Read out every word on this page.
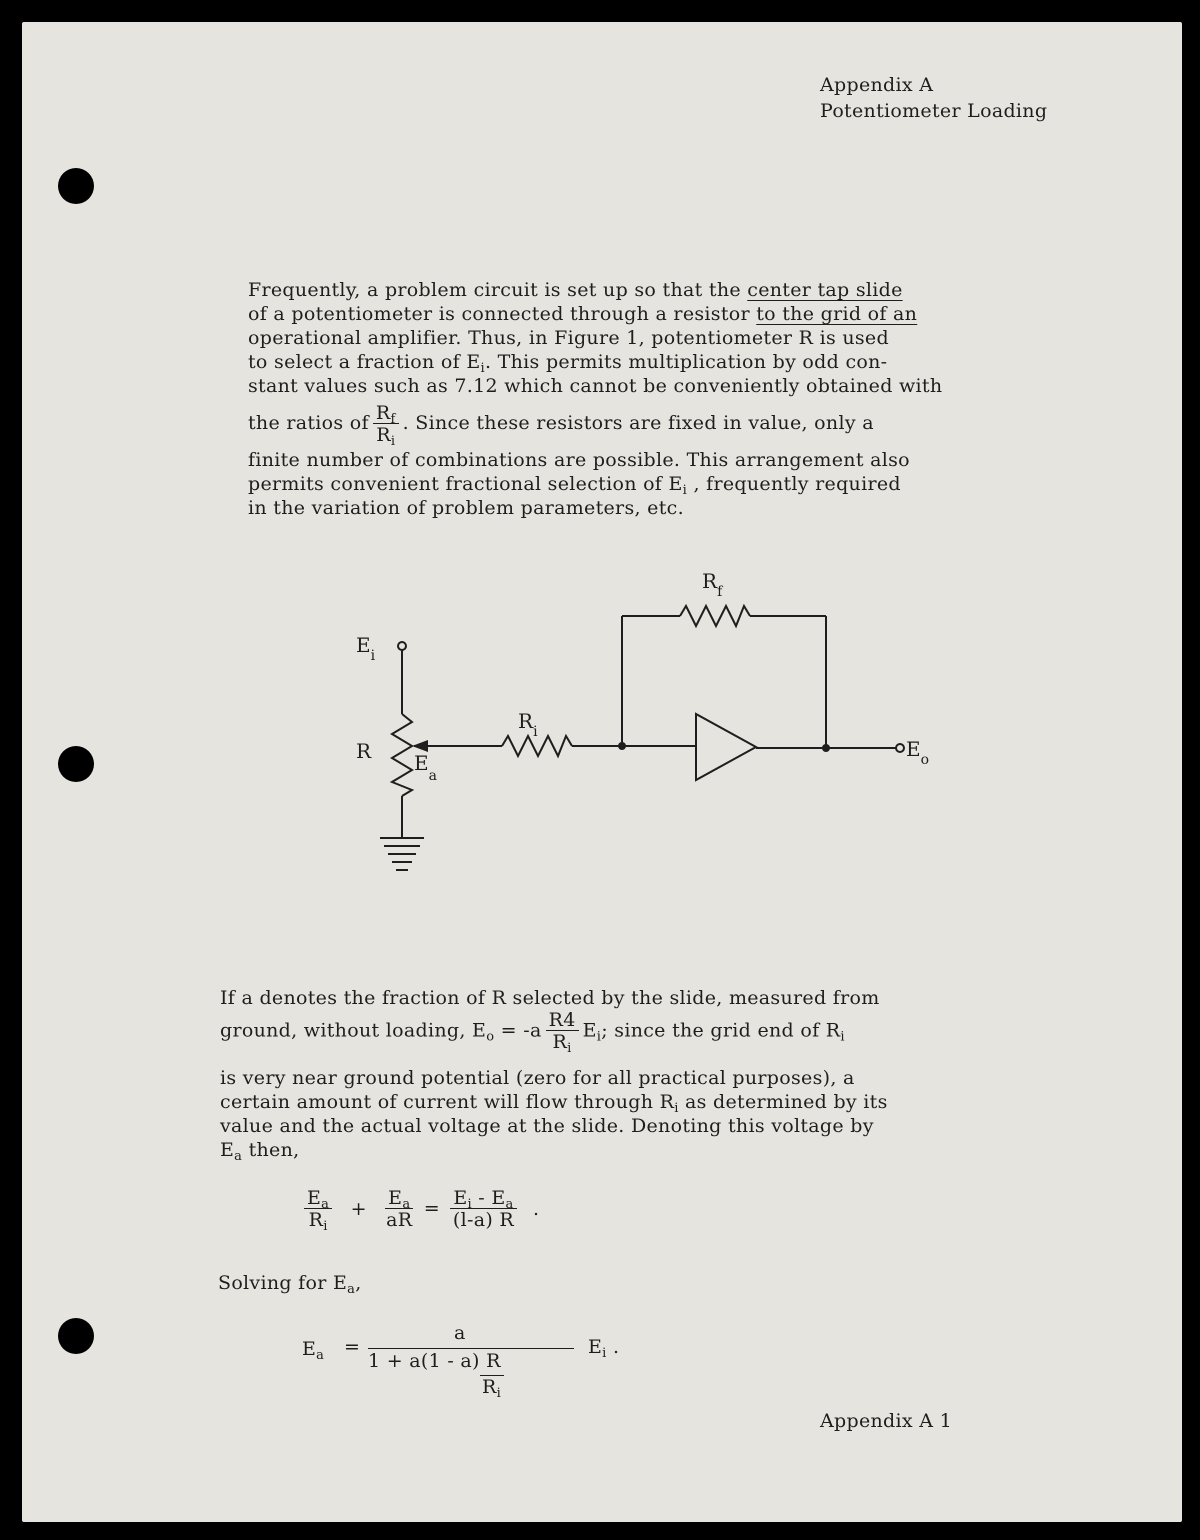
Appendix A
Potentiometer Loading
Frequently, a problem circuit is set up so that the center tap slide
of a potentiometer is connected through a resistor to the grid of an
operational amplifier. Thus, in Figure 1, potentiometer R is used
to select a fraction of $E_i$. This permits multiplication by odd con-
stant values such as 7.12 which cannot be conveniently obtained with
the ratios of $\frac{R_f}{R_i}$ . Since these resistors are fixed in value, only a
finite number of combinations are possible. This arrangement also
permits convenient fractional selection of $E_i$ , frequently required
in the variation of problem parameters, etc.
$E_i$
R $E_a$
$R_i$
$R_f$
$E_o$
If a denotes the fraction of R selected by the slide, measured from
ground, without loading, $E_o = -a \frac{R4}{R_i} E_i$; since the grid end of $R_i$
is very near ground potential (zero for all practical purposes), a
certain amount of current will flow through $R_i$ as determined by its
value and the actual voltage at the slide. Denoting this voltage by
$E_a$ then,
$\frac{E_a}{R_i} + \frac{E_a}{aR} = \frac{E_i - E_a}{(l-a) R}$ .
Solving for $E_a$,
$E_a$ =
a
1 + a(1 - a) R
$R_i$
$E_i$ .
Appendix A 1
